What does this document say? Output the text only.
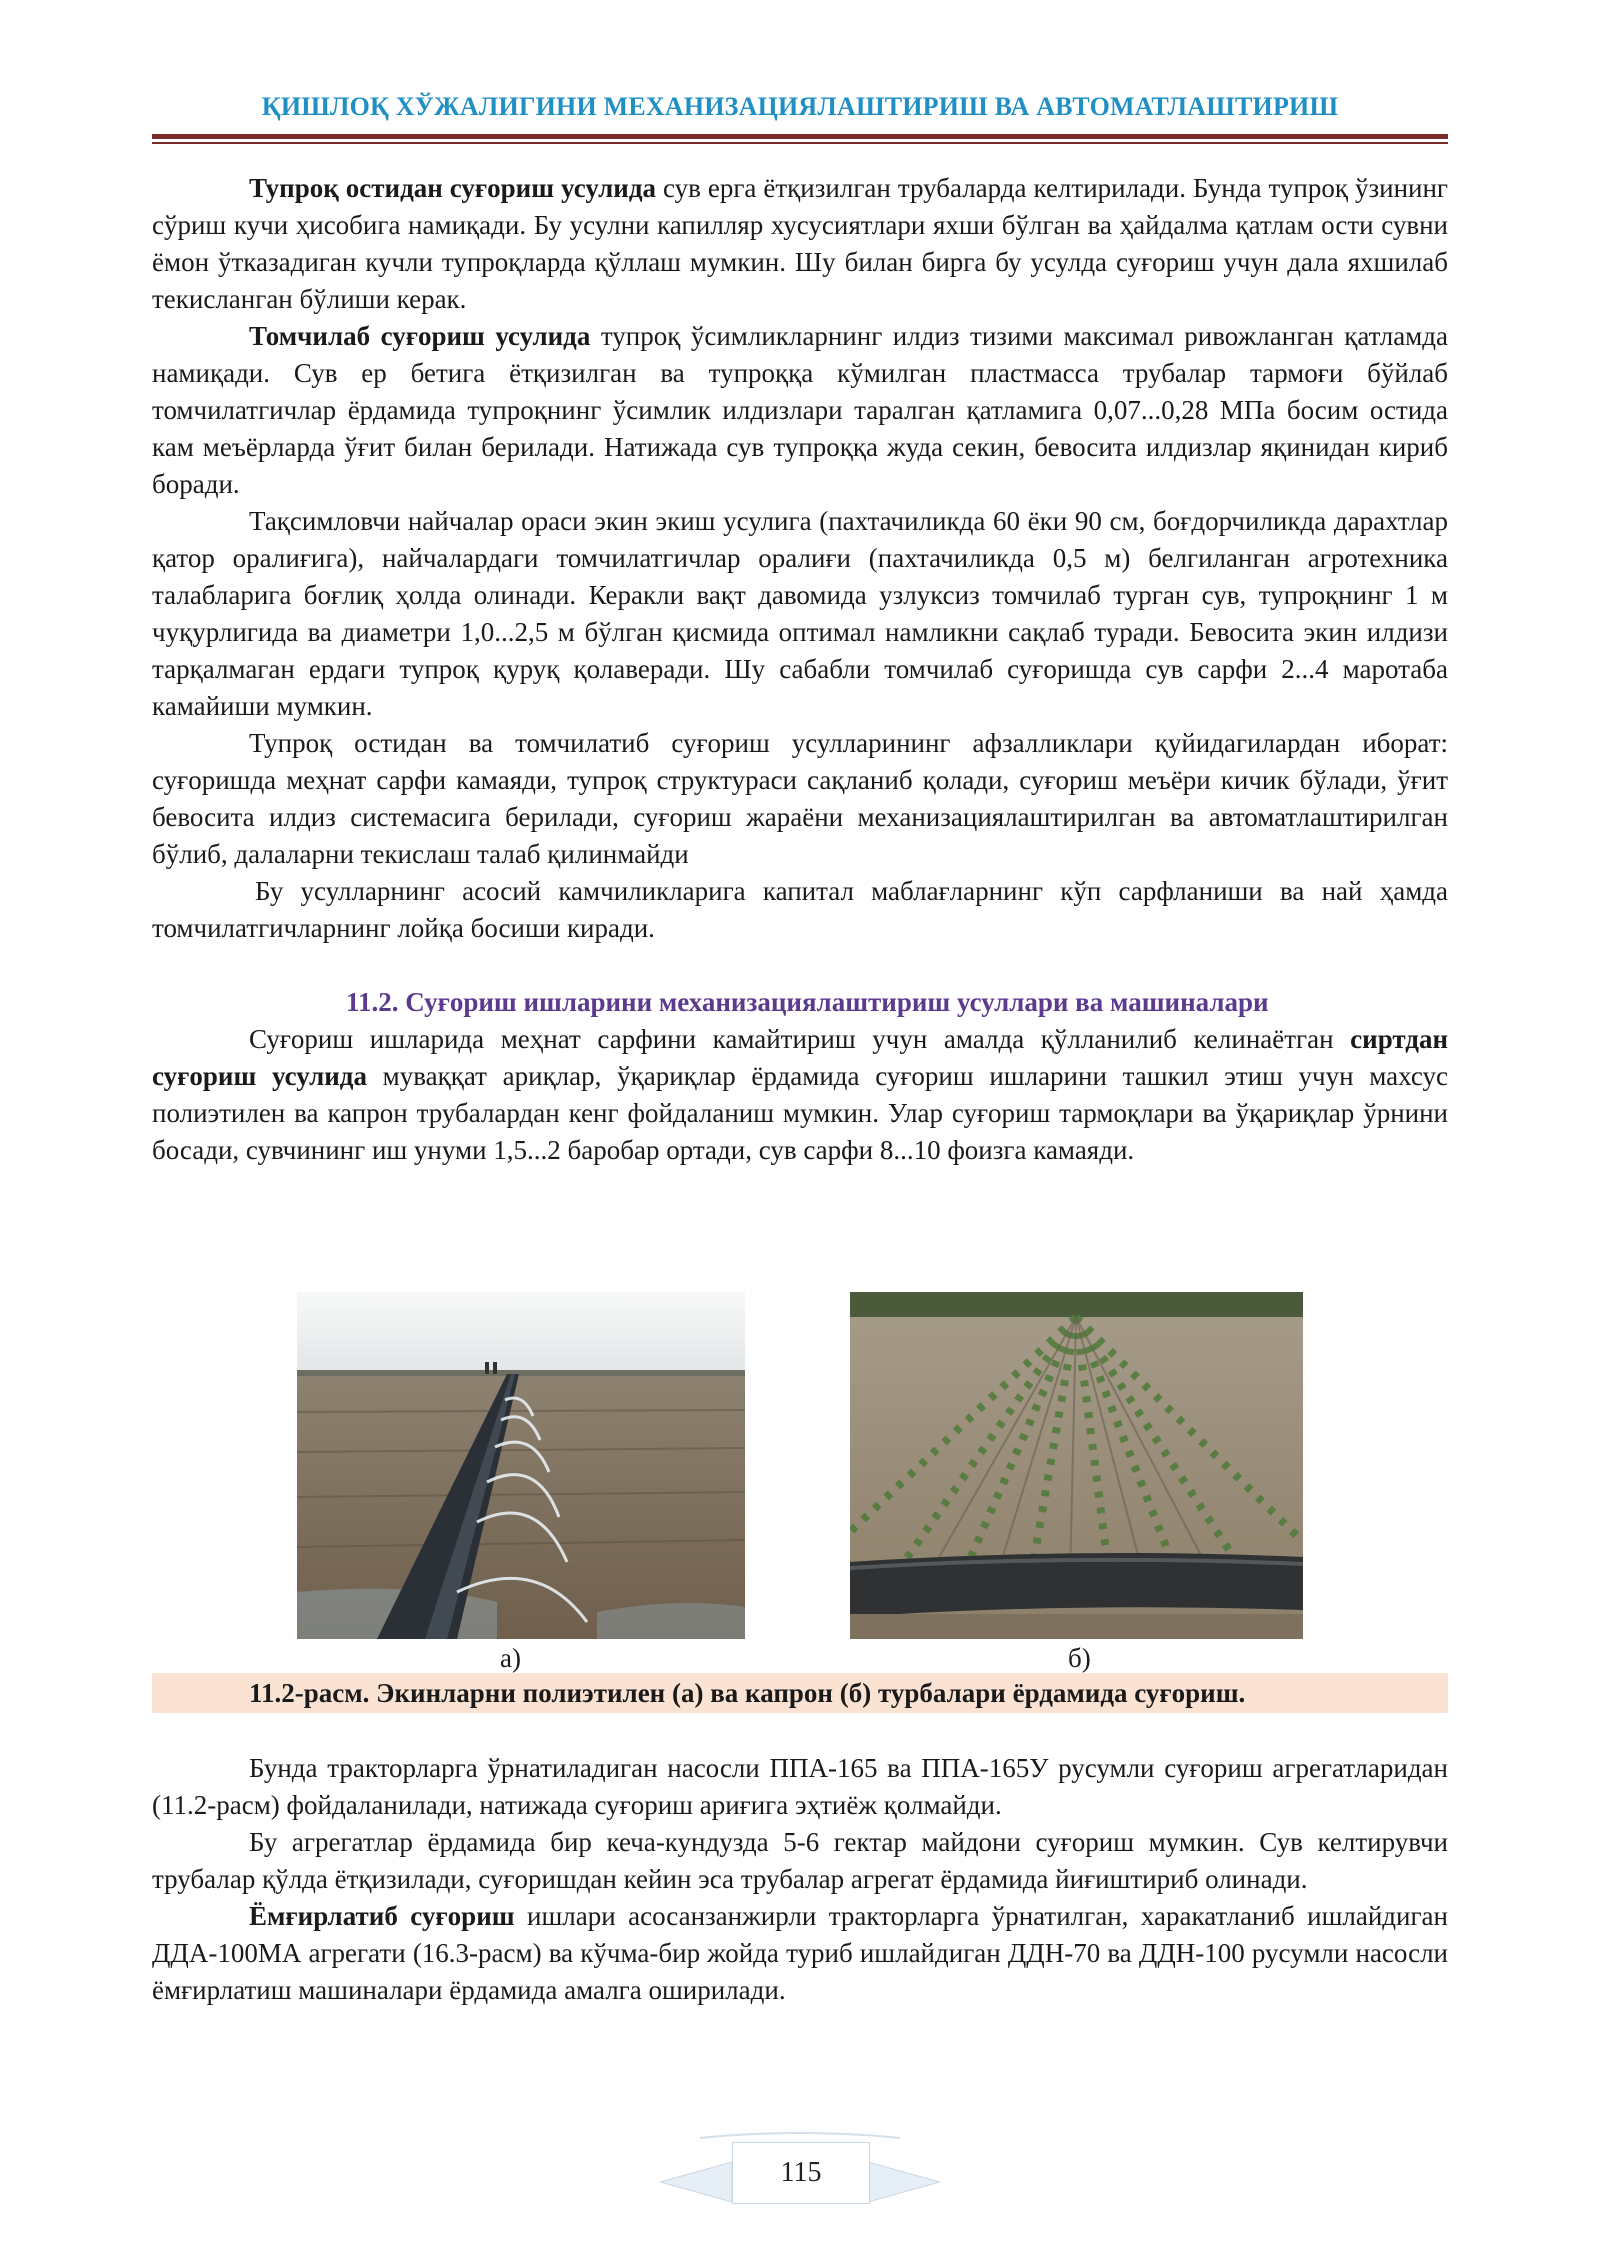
ҚИШЛОҚ ХЎЖАЛИГИНИ МЕХАНИЗАЦИЯЛАШТИРИШ ВА АВТОМАТЛАШТИРИШ

Тупроқ остидан суғориш усулида сув ерга ётқизилган трубаларда келтирилади. Бунда тупроқ ўзининг сўриш кучи ҳисобига намиқади. Бу усулни капилляр хусусиятлари яхши бўлган ва ҳайдалма қатлам ости сувни ёмон ўтказадиган кучли тупроқларда қўллаш мумкин. Шу билан бирга бу усулда суғориш учун дала яхшилаб текисланган бўлиши керак.

Томчилаб суғориш усулида тупроқ ўсимликларнинг илдиз тизими максимал ривожланган қатламда намиқади. Сув ер бетига ётқизилган ва тупроққа кўмилган пластмасса трубалар тармоғи бўйлаб томчилатгичлар ёрдамида тупроқнинг ўсимлик илдизлари таралган қатламига 0,07...0,28 МПа босим остида кам меъёрларда ўғит билан берилади. Натижада сув тупроққа жуда секин, бевосита илдизлар яқинидан кириб боради.

Тақсимловчи найчалар ораси экин экиш усулига (пахтачиликда 60 ёки 90 см, боғдорчиликда дарахтлар қатор оралиғига), найчалардаги томчилатгичлар оралиғи (пахтачиликда 0,5 м) белгиланган агротехника талабларига боғлиқ ҳолда олинади. Керакли вақт давомида узлуксиз томчилаб турган сув, тупроқнинг 1 м чуқурлигида ва диаметри 1,0...2,5 м бўлган қисмида оптимал намликни сақлаб туради. Бевосита экин илдизи тарқалмаган ердаги тупроқ қуруқ қолаверади. Шу сабабли томчилаб суғоришда сув сарфи 2...4 маротаба камайиши мумкин.

Тупроқ остидан ва томчилатиб суғориш усулларининг афзалликлари қуйидагилардан иборат: суғоришда меҳнат сарфи камаяди, тупроқ структураси сақланиб қолади, суғориш меъёри кичик бўлади, ўғит бевосита илдиз системасига берилади, суғориш жараёни механизациялаштирилган ва автоматлаштирилган бўлиб, далаларни текислаш талаб қилинмайди

Бу усулларнинг асосий камчиликларига капитал маблағларнинг кўп сарфланиши ва най ҳамда томчилатгичларнинг лойқа босиши киради.

11.2. Суғориш ишларини механизациялаштириш усуллари ва машиналари

Суғориш ишларида меҳнат сарфини камайтириш учун амалда қўлланилиб келинаётган сиртдан суғориш усулида муваққат ариқлар, ўқариқлар ёрдамида суғориш ишларини ташкил этиш учун махсус полиэтилен ва капрон трубалардан кенг фойдаланиш мумкин. Улар суғориш тармоқлари ва ўқариқлар ўрнини босади, сувчининг иш унуми 1,5...2 баробар ортади, сув сарфи 8...10 фоизга камаяди.

а)	б)
11.2-расм. Экинларни полиэтилен (а) ва капрон (б) турбалари ёрдамида суғориш.

Бунда тракторларга ўрнатиладиган насосли ППА-165 ва ППА-165У русумли суғориш агрегатларидан (11.2-расм) фойдаланилади, натижада суғориш ариғига эҳтиёж қолмайди.

Бу агрегатлар ёрдамида бир кеча-кундузда 5-6 гектар майдони суғориш мумкин. Сув келтирувчи трубалар қўлда ётқизилади, суғоришдан кейин эса трубалар агрегат ёрдамида йиғиштириб олинади.

Ёмғирлатиб суғориш ишлари асосанзанжирли тракторларга ўрнатилган, харакатланиб ишлайдиган ДДА-100МА агрегати (16.3-расм) ва кўчма-бир жойда туриб ишлайдиган ДДН-70 ва ДДН-100 русумли насосли ёмғирлатиш машиналари ёрдамида амалга оширилади.

115
